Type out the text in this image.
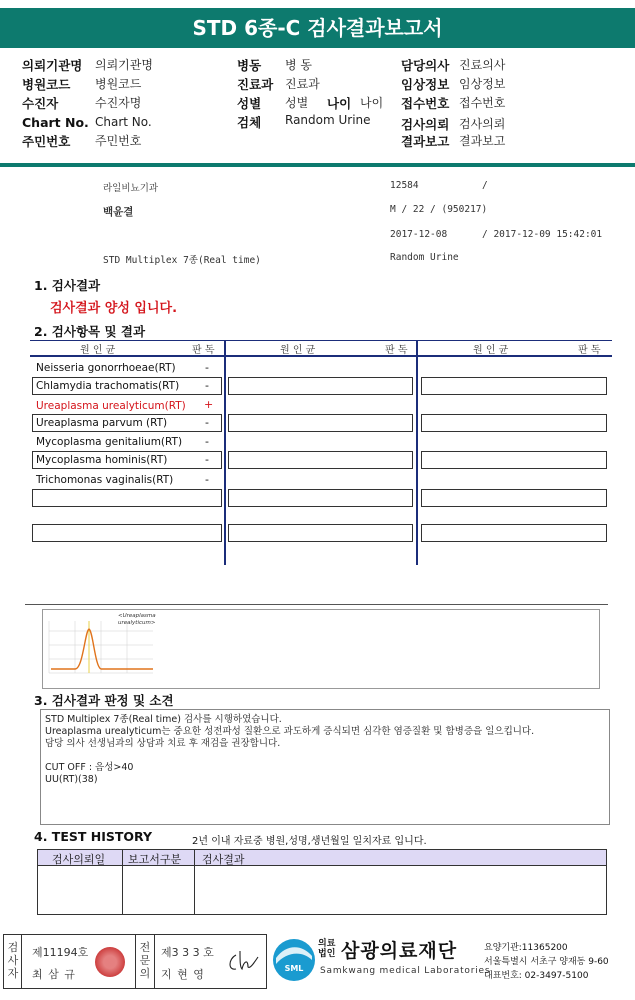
STD 6종-C 검사결과보고서
의뢰기관명 의뢰기관명
병원코드 병원코드
수진자	수진자명
Chart No. Chart No.
주민번호 주민번호
병동 병 동
진료과 진료과
성별 성별 나이 나이
검체 Random Urine
담당의사 진료의사
임상정보 임상정보
접수번호 접수번호
검사의뢰 검사의뢰
결과보고 결과보고
라일비뇨기과	12584	/
백윤결	M / 22 / (950217)
2017-12-08	/ 2017-12-09 15:42:01
STD Multiplex 7종(Real time)	Random Urine
1. 검사결과
검사결과 양성 입니다.
2. 검사항목 및 결과
원 인 균	판 독	원 인 균	판 독	원 인 균	판 독
Neisseria gonorrhoeae(RT)	-
Chlamydia trachomatis(RT) -
Ureaplasma urealyticum(RT) +
Ureaplasma parvum (RT)	-
Mycoplasma genitalium(RT) -
Mycoplasma hominis(RT)	-
Trichomonas vaginalis(RT)	-
<Ureaplasma urealyticum>
3. 검사결과 판정 및 소견
STD Multiplex 7종(Real time) 검사를 시행하였습니다.
Ureaplasma urealyticum는 중요한 성전파성 질환으로 과도하게 증식되면 심각한 염증질환 및 합병증을 일으킵니다.
담당 의사 선생님과의 상담과 치료 후 재검을 권장합니다.

CUT OFF : 음성>40
UU(RT)(38)
4. TEST HISTORY	2년 이내 자료중 병원,성명,생년월일 일치자료 입니다.
검사의뢰일 보고서구분 검사결과
검사자
제11194호
최 삼 규
전문의
제3 3 3 호
지 현 영	SML
의료
법인 삼광의료재단
Samkwang medical Laboratories
요양기관:11365200
서울특별시 서초구 양재동 9-60
대표번호: 02-3497-5100
